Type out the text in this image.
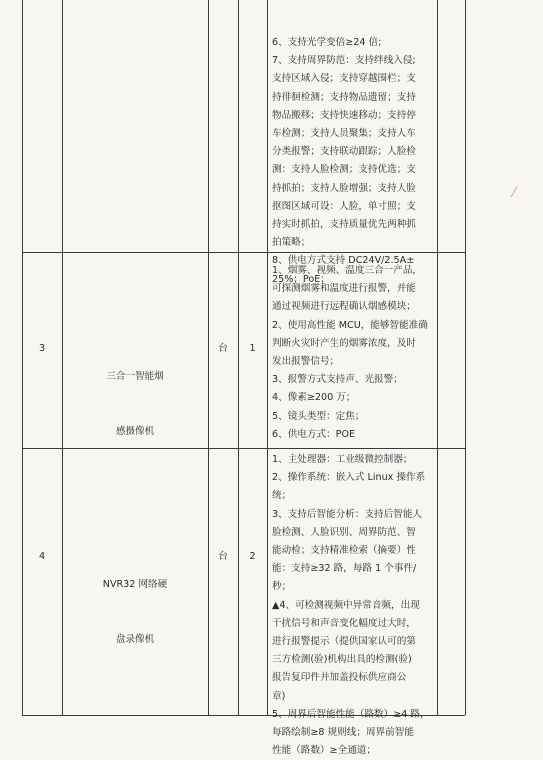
⁄
6、支持光学变倍≥24 倍;
7、支持周界防范：支持绊线入侵;
支持区域入侵；支持穿越围栏；支
持徘徊检测；支持物品遗留；支持
物品搬移；支持快速移动；支持停
车检测；支持人员聚集；支持人车
分类报警；支持联动跟踪；人脸检
测：支持人脸检测；支持优选；支
持抓拍；支持人脸增强；支持人脸
抠图区域可设：人脸，单寸照；支
持实时抓拍，支持质量优先两种抓
拍策略；
8、供电方式支持 DC24V/2.5A±
25%；PoE；
3

三合一智能烟

感摄像机

台	1
1、烟雾、视频、温度三合一产品，
可探测烟雾和温度进行报警，并能
通过视频进行远程确认烟感模块；
2、使用高性能 MCU，能够智能准确
判断火灾时产生的烟雾浓度，及时
发出报警信号；
3、报警方式支持声、光报警；
4、像素≥200 万；
5、镜头类型：定焦；
6、供电方式：POE
4

NVR32 网络硬

盘录像机

台	2
1、主处理器：工业级微控制器；
2、操作系统：嵌入式 Linux 操作系
统；
3、支持后智能分析：支持后智能人
脸检测、人脸识别、周界防范、智
能动检；支持精准检索（摘要）性
能：支持≥32 路，每路 1 个事件/
秒；
▲4、可检测视频中异常音频，出现
干扰信号和声音变化幅度过大时，
进行报警提示（提供国家认可的第
三方检测(验)机构出具的检测(验)
报告复印件并加盖投标供应商公
章)
5、周界后智能性能（路数）≥4 路，
每路绘制≥8 规则线；周界前智能
性能（路数）≥全通道；
